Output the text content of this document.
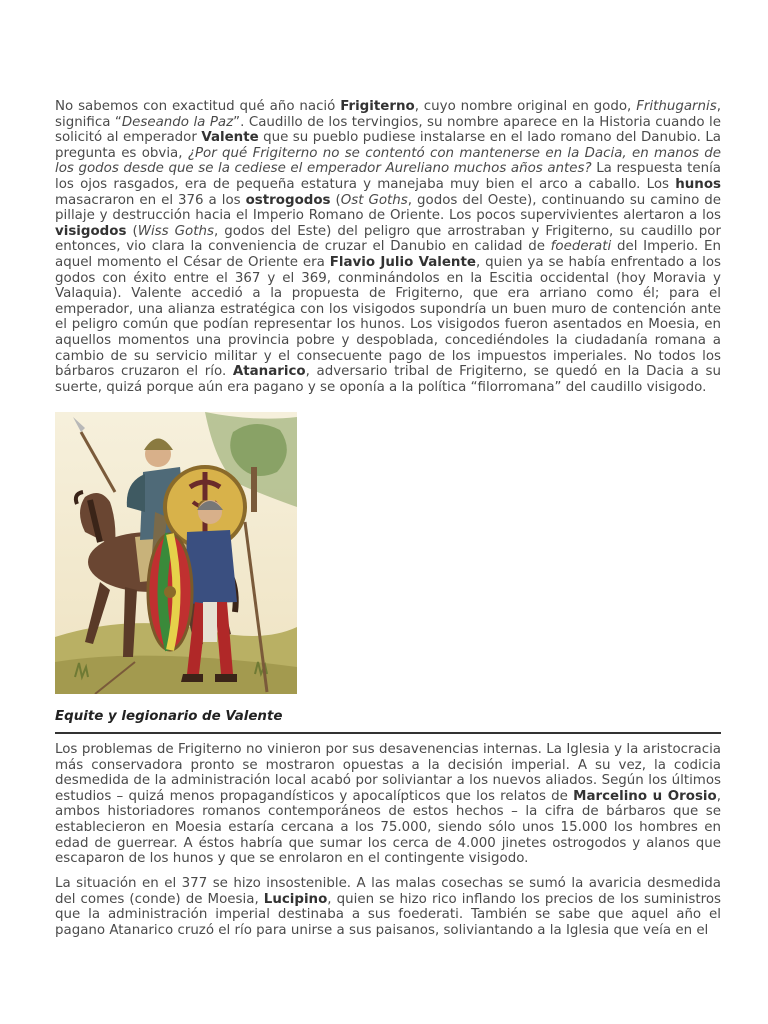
No sabemos con exactitud qué año nació Frigiterno, cuyo nombre original en godo, Frithugarnis, significa “Deseando la Paz”. Caudillo de los tervingios, su nombre aparece en la Historia cuando le solicitó al emperador Valente que su pueblo pudiese instalarse en el lado romano del Danubio. La pregunta es obvia, ¿Por qué Frigiterno no se contentó con mantenerse en la Dacia, en manos de los godos desde que se la cediese el emperador Aureliano muchos años antes? La respuesta tenía los ojos rasgados, era de pequeña estatura y manejaba muy bien el arco a caballo. Los hunos masacraron en el 376 a los ostrogodos (Ost Goths, godos del Oeste), continuando su camino de pillaje y destrucción hacia el Imperio Romano de Oriente. Los pocos supervivientes alertaron a los visigodos (Wiss Goths, godos del Este) del peligro que arrostraban y Frigiterno, su caudillo por entonces, vio clara la conveniencia de cruzar el Danubio en calidad de foederati del Imperio. En aquel momento el César de Oriente era Flavio Julio Valente, quien ya se había enfrentado a los godos con éxito entre el 367 y el 369, conminándolos en la Escitia occidental (hoy Moravia y Valaquia). Valente accedió a la propuesta de Frigiterno, que era arriano como él; para el emperador, una alianza estratégica con los visigodos supondría un buen muro de contención ante el peligro común que podían representar los hunos. Los visigodos fueron asentados en Moesia, en aquellos momentos una provincia pobre y despoblada, concediéndoles la ciudadanía romana a cambio de su servicio militar y el consecuente pago de los impuestos imperiales. No todos los bárbaros cruzaron el río. Atanarico, adversario tribal de Frigiterno, se quedó en la Dacia a su suerte, quizá porque aún era pagano y se oponía a la política “filorromana” del caudillo visigodo.

Equite y legionario de Valente

Los problemas de Frigiterno no vinieron por sus desavenencias internas. La Iglesia y la aristocracia más conservadora pronto se mostraron opuestas a la decisión imperial. A su vez, la codicia desmedida de la administración local acabó por soliviantar a los nuevos aliados. Según los últimos estudios – quizá menos propagandísticos y apocalípticos que los relatos de Marcelino u Orosio, ambos historiadores romanos contemporáneos de estos hechos – la cifra de bárbaros que se establecieron en Moesia estaría cercana a los 75.000, siendo sólo unos 15.000 los hombres en edad de guerrear. A éstos habría que sumar los cerca de 4.000 jinetes ostrogodos y alanos que escaparon de los hunos y que se enrolaron en el contingente visigodo.

La situación en el 377 se hizo insostenible. A las malas cosechas se sumó la avaricia desmedida del comes (conde) de Moesia, Lucipino, quien se hizo rico inflando los precios de los suministros que la administración imperial destinaba a sus foederati. También se sabe que aquel año el pagano Atanarico cruzó el río para unirse a sus paisanos, soliviantando a la Iglesia que veía en el
